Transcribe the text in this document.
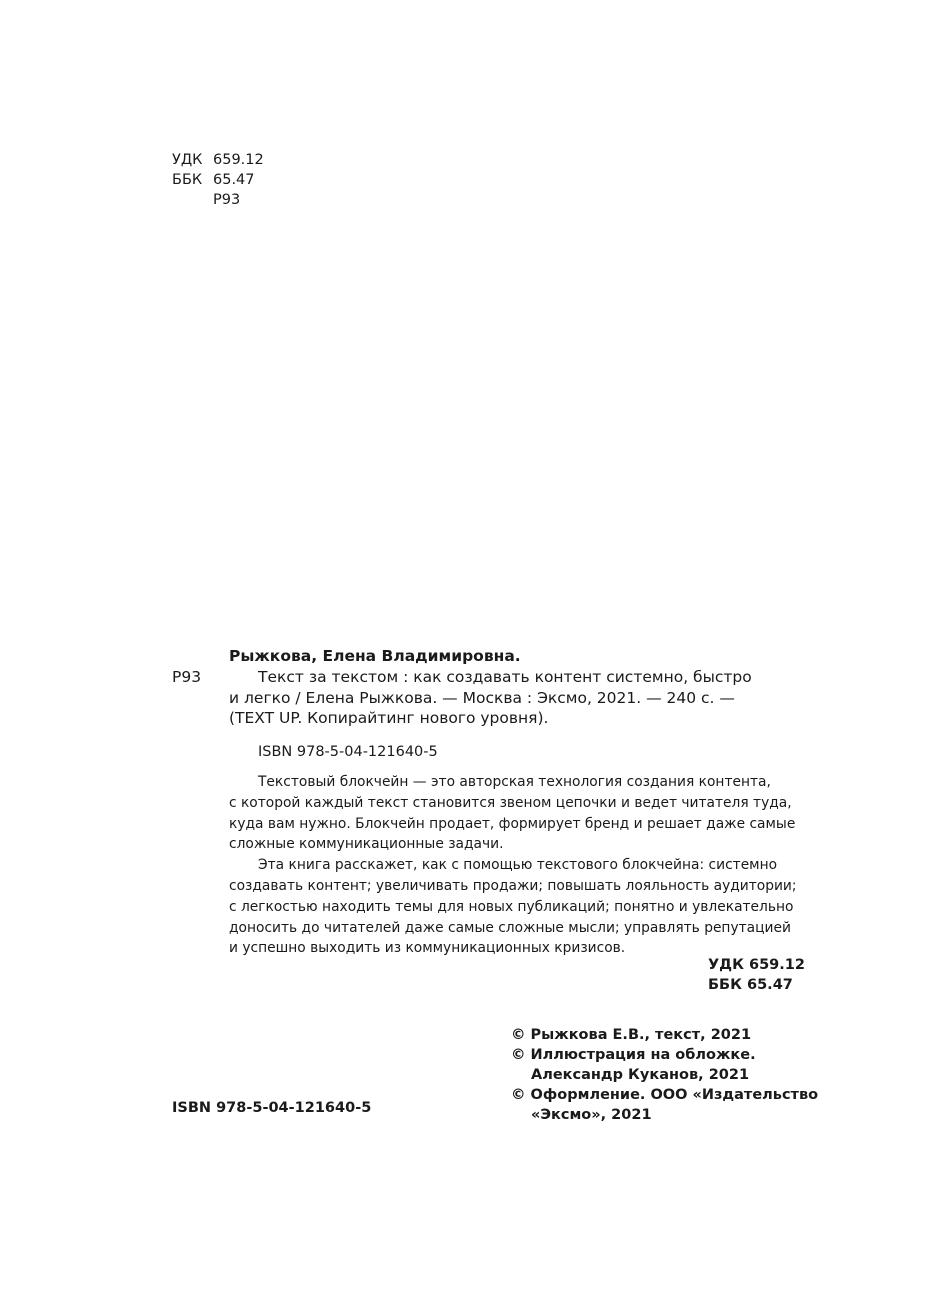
УДК 659.12
ББК 65.47
Р93
Рыжкова, Елена Владимировна.
Р93	Текст за текстом : как создавать контент системно, быстро
и легко / Елена Рыжкова. — Москва : Эксмо, 2021. — 240 с. —
(TEXT UP. Копирайтинг нового уровня).
ISBN 978-5-04-121640-5
Текстовый блокчейн — это авторская технология создания контента,
с которой каждый текст становится звеном цепочки и ведет читателя туда,
куда вам нужно. Блокчейн продает, формирует бренд и решает даже самые
сложные коммуникационные задачи.
Эта книга расскажет, как с помощью текстового блокчейна: системно
создавать контент; увеличивать продажи; повышать лояльность аудитории;
с легкостью находить темы для новых публикаций; понятно и увлекательно
доносить до читателей даже самые сложные мысли; управлять репутацией
и успешно выходить из коммуникационных кризисов.
УДК 659.12
ББК 65.47
© Рыжкова Е.В., текст, 2021
© Иллюстрация на обложке.
Александр Куканов, 2021
© Оформление. ООО «Издательство
«Эксмо», 2021
ISBN 978-5-04-121640-5
